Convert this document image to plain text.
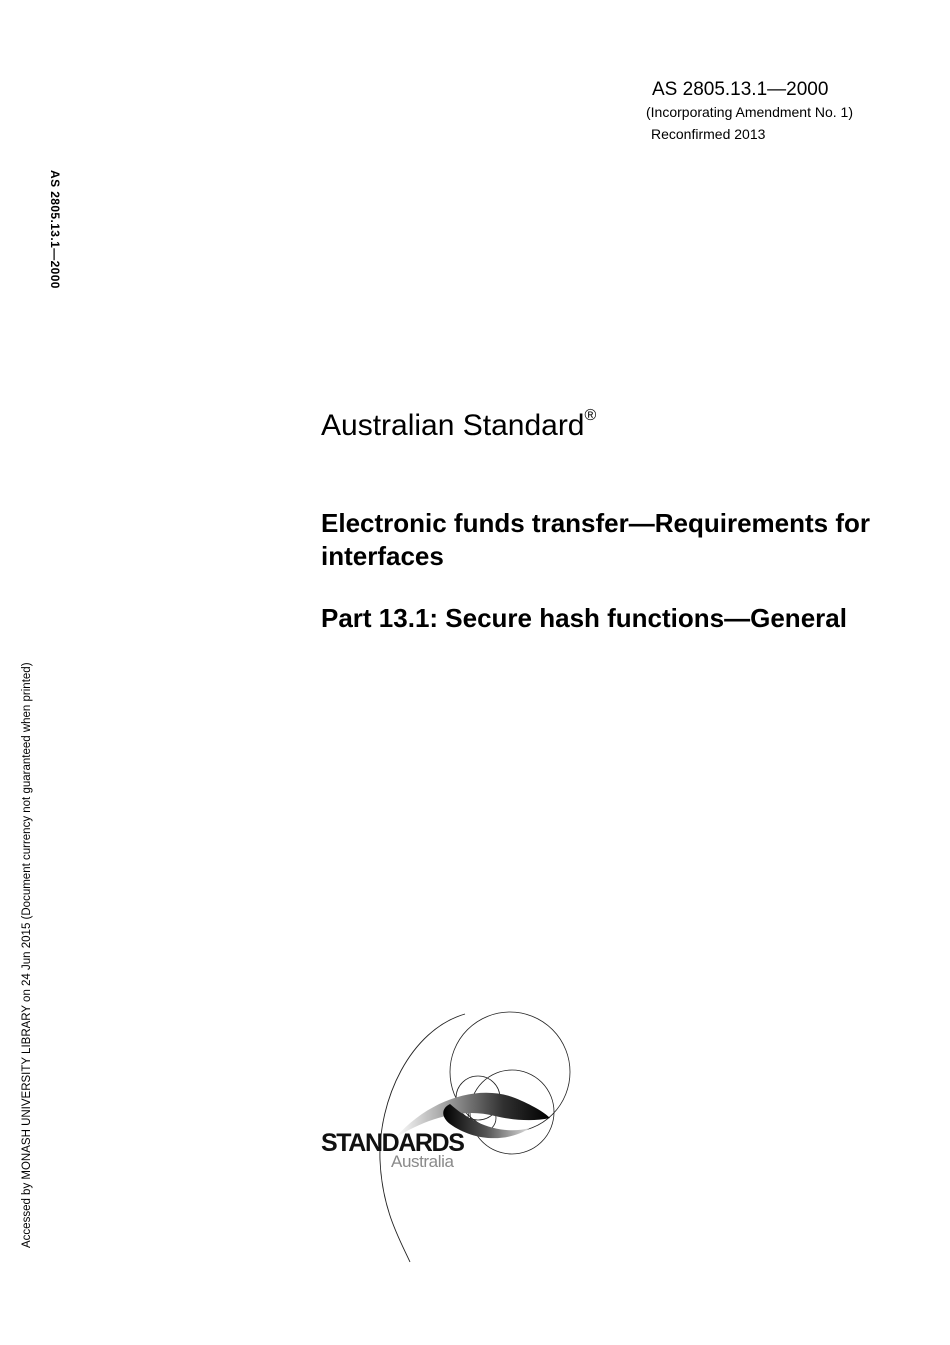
AS 2805.13.1—2000
(Incorporating Amendment No. 1)
Reconfirmed 2013
AS 2805.13.1—2000
Accessed by MONASH UNIVERSITY LIBRARY on 24 Jun 2015 (Document currency not guaranteed when printed)
Australian Standard®
Electronic funds transfer—Requirements for interfaces
Part 13.1: Secure hash functions—General
STANDARDS
Australia
